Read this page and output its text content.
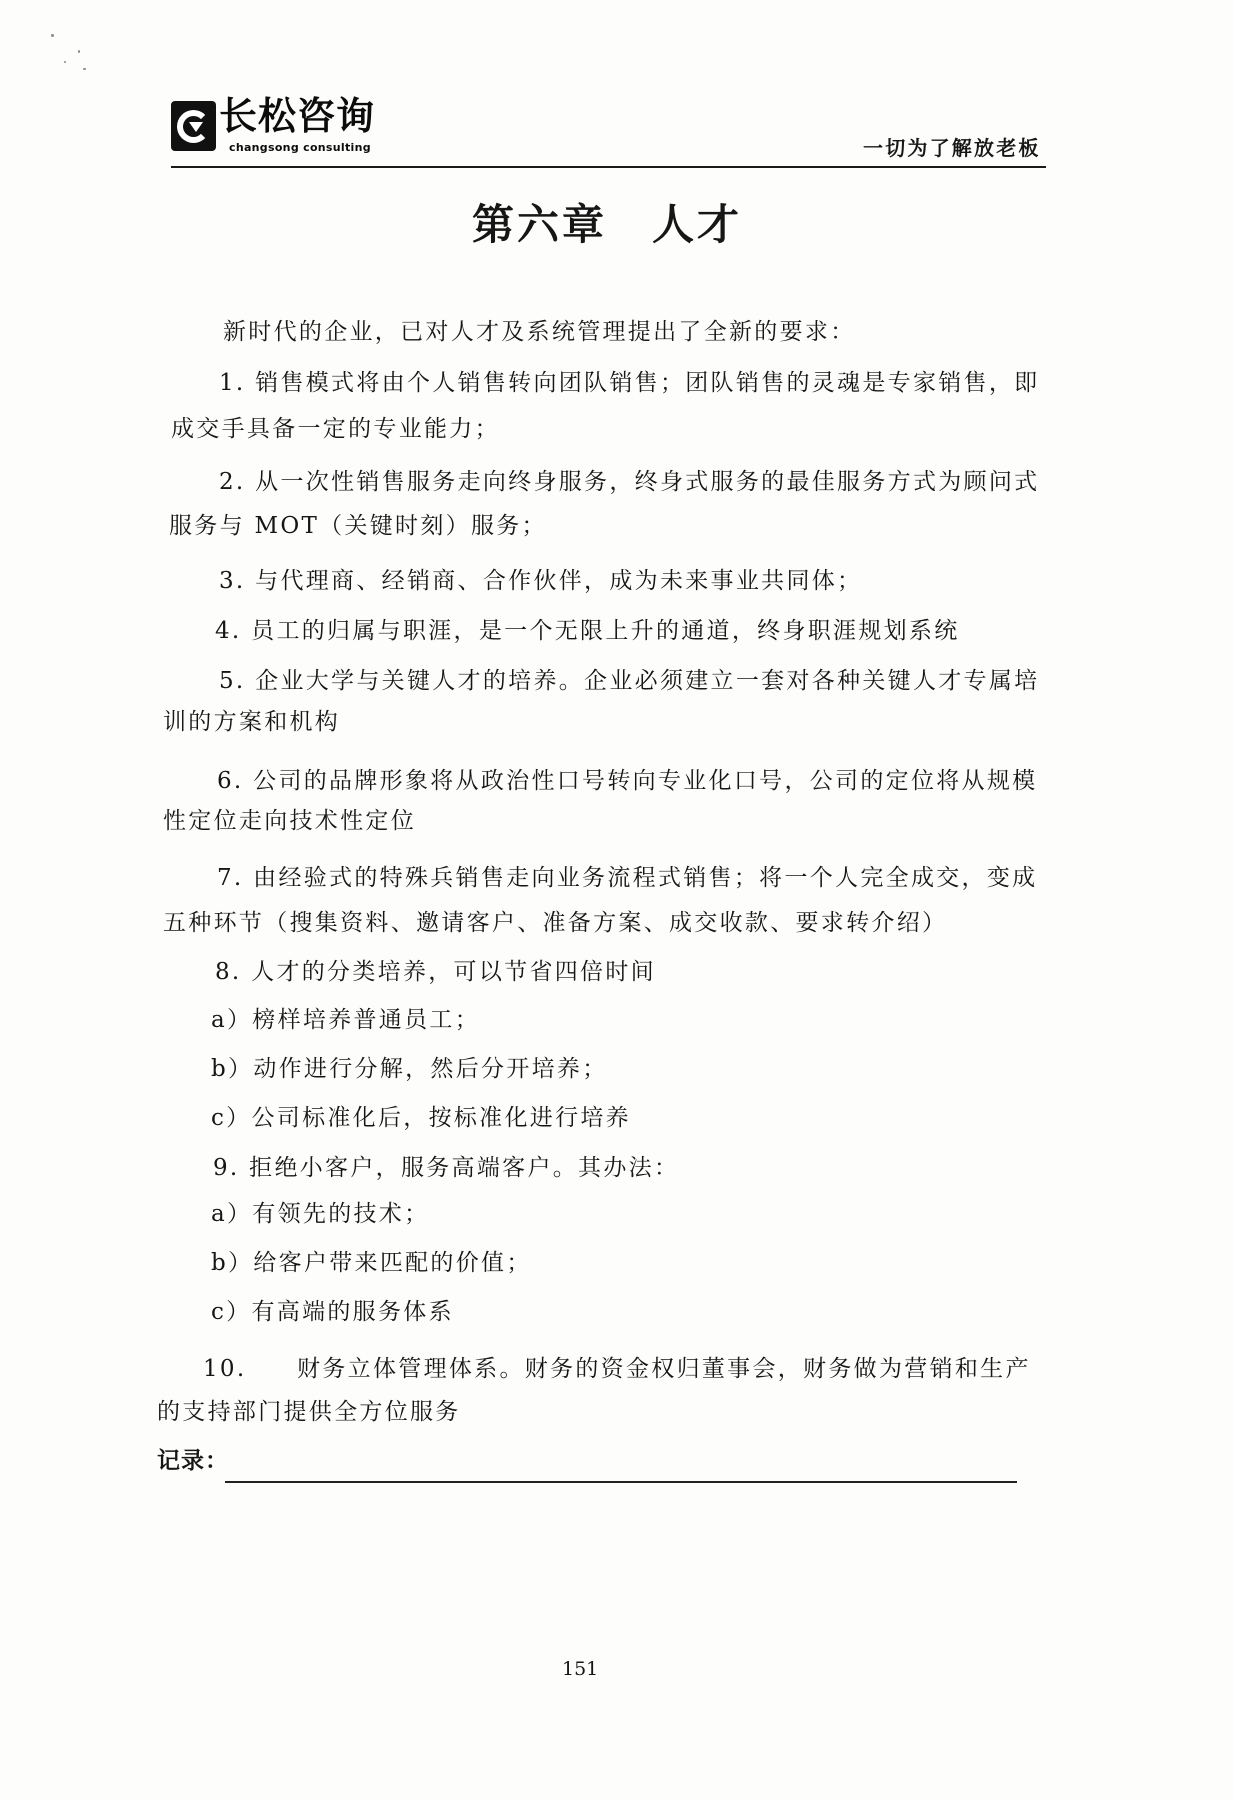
长松咨询
changsong consulting	一切为了解放老板
第六章　人才
新时代的企业，已对人才及系统管理提出了全新的要求：
1. 销售模式将由个人销售转向团队销售；团队销售的灵魂是专家销售，即
成交手具备一定的专业能力；
2. 从一次性销售服务走向终身服务，终身式服务的最佳服务方式为顾问式
服务与 MOT（关键时刻）服务；
3. 与代理商、经销商、合作伙伴，成为未来事业共同体；
4. 员工的归属与职涯，是一个无限上升的通道，终身职涯规划系统
5. 企业大学与关键人才的培养。企业必须建立一套对各种关键人才专属培
训的方案和机构
6. 公司的品牌形象将从政治性口号转向专业化口号，公司的定位将从规模
性定位走向技术性定位
7. 由经验式的特殊兵销售走向业务流程式销售；将一个人完全成交，变成
五种环节（搜集资料、邀请客户、准备方案、成交收款、要求转介绍）
8. 人才的分类培养，可以节省四倍时间
a）榜样培养普通员工；
b）动作进行分解，然后分开培养；
c）公司标准化后，按标准化进行培养
9. 拒绝小客户，服务高端客户。其办法：
a）有领先的技术；
b）给客户带来匹配的价值；
c）有高端的服务体系
10.　　财务立体管理体系。财务的资金权归董事会，财务做为营销和生产
的支持部门提供全方位服务
记录：
151
